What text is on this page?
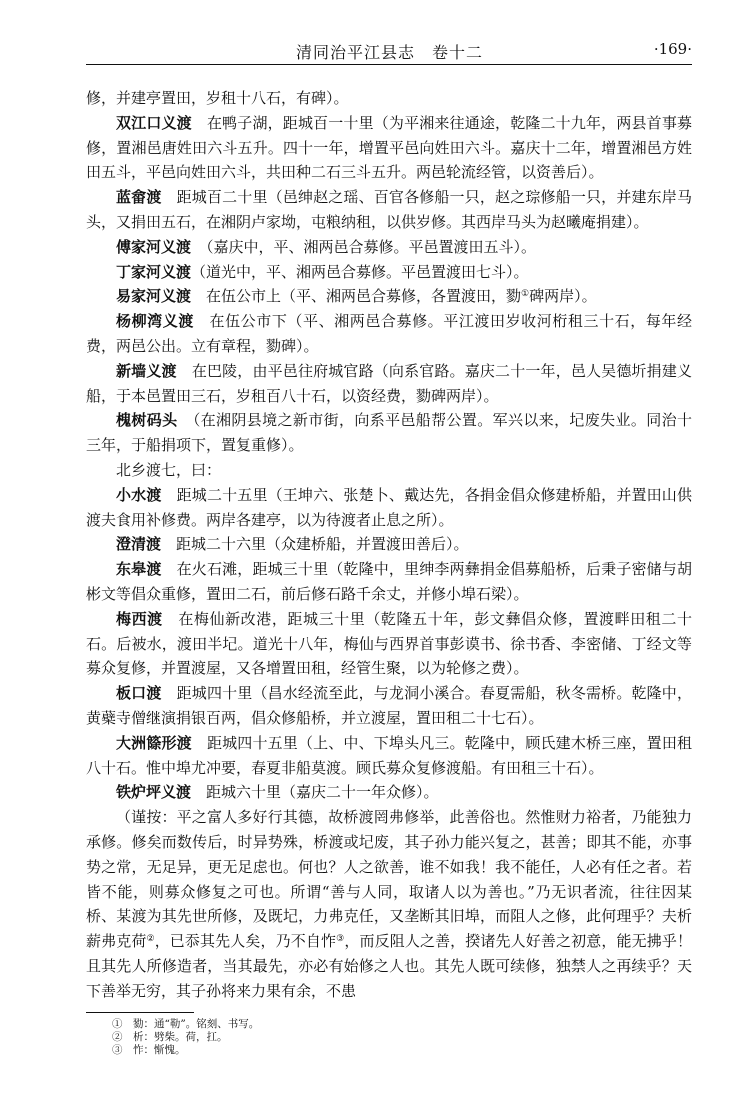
清同治平江县志　卷十二	·169·

修，并建亭置田，岁租十八石，有碑）。

双江口义渡　在鸭子湖，距城百一十里（为平湘来往通途，乾隆二十九年，两县首事募修，置湘邑唐姓田六斗五升。四十一年，增置平邑向姓田六斗。嘉庆十二年，增置湘邑方姓田五斗，平邑向姓田六斗，共田种二石三斗五升。两邑轮流经管，以资善后）。

蓝畲渡　距城百二十里（邑绅赵之瑶、百官各修船一只，赵之琮修船一只，并建东岸马头，又捐田五石，在湘阴卢家坳，屯粮纳租，以供岁修。其西岸马头为赵曦庵捐建）。

傅家河义渡　（嘉庆中，平、湘两邑合募修。平邑置渡田五斗）。

丁家河义渡（道光中，平、湘两邑合募修。平邑置渡田七斗）。

易家河义渡　在伍公市上（平、湘两邑合募修，各置渡田，勠①碑两岸）。

杨柳湾义渡　在伍公市下（平、湘两邑合募修。平江渡田岁收河桁租三十石，每年经费，两邑公出。立有章程，勠碑）。

新墙义渡　在巴陵，由平邑往府城官路（向系官路。嘉庆二十一年，邑人吴德圻捐建义船，于本邑置田三石，岁租百八十石，以资经费，勠碑两岸）。

槐树码头　（在湘阴县境之新市街，向系平邑船帮公置。军兴以来，圮废失业。同治十三年，于船捐项下，置复重修）。

北乡渡七，曰：

小水渡　距城二十五里（王坤六、张楚卜、戴达先，各捐金倡众修建桥船，并置田山供渡夫食用补修费。两岸各建亭，以为待渡者止息之所）。

澄清渡　距城二十六里（众建桥船，并置渡田善后）。

东皋渡　在火石滩，距城三十里（乾隆中，里绅李两彝捐金倡募船桥，后秉子密储与胡彬文等倡众重修，置田二石，前后修石路千余丈，并修小埠石梁）。

梅西渡　在梅仙新改港，距城三十里（乾隆五十年，彭文彝倡众修，置渡畔田租二十石。后被水，渡田半圮。道光十八年，梅仙与西界首事彭谟书、徐书香、李密储、丁经文等募众复修，并置渡屋，又各增置田租，经管生聚，以为轮修之费）。

板口渡　距城四十里（昌水经流至此，与龙洞小溪合。春夏需船，秋冬需桥。乾隆中，黄蘗寺僧继演捐银百两，倡众修船桥，并立渡屋，置田租二十七石）。

大洲篨形渡　距城四十五里（上、中、下埠头凡三。乾隆中，顾氏建木桥三座，置田租八十石。惟中埠尤冲要，春夏非船莫渡。顾氏募众复修渡船。有田租三十石）。

铁炉坪义渡　距城六十里（嘉庆二十一年众修）。

（谨按：平之富人多好行其德，故桥渡罔弗修举，此善俗也。然惟财力裕者，乃能独力承修。修矣而数传后，时异势殊，桥渡或圮废，其子孙力能兴复之，甚善；即其不能，亦事势之常，无足异，更无足虑也。何也？人之欲善，谁不如我！我不能任，人必有任之者。若皆不能，则募众修复之可也。所谓“善与人同，取诸人以为善也。”乃无识者流，往往因某桥、某渡为其先世所修，及既圮，力弗克任，又垄断其旧埠，而阻人之修，此何理乎？夫析薪弗克荷②，已忝其先人矣，乃不自怍③，而反阻人之善，揆诸先人好善之初意，能无拂乎！且其先人所修造者，当其最先，亦必有始修之人也。其先人既可续修，独禁人之再续乎？天下善举无穷，其子孙将来力果有余，不患

①　勠：通“勒”。铭刻、书写。
②　析：劈柴。荷，扛。
③　怍：惭愧。
